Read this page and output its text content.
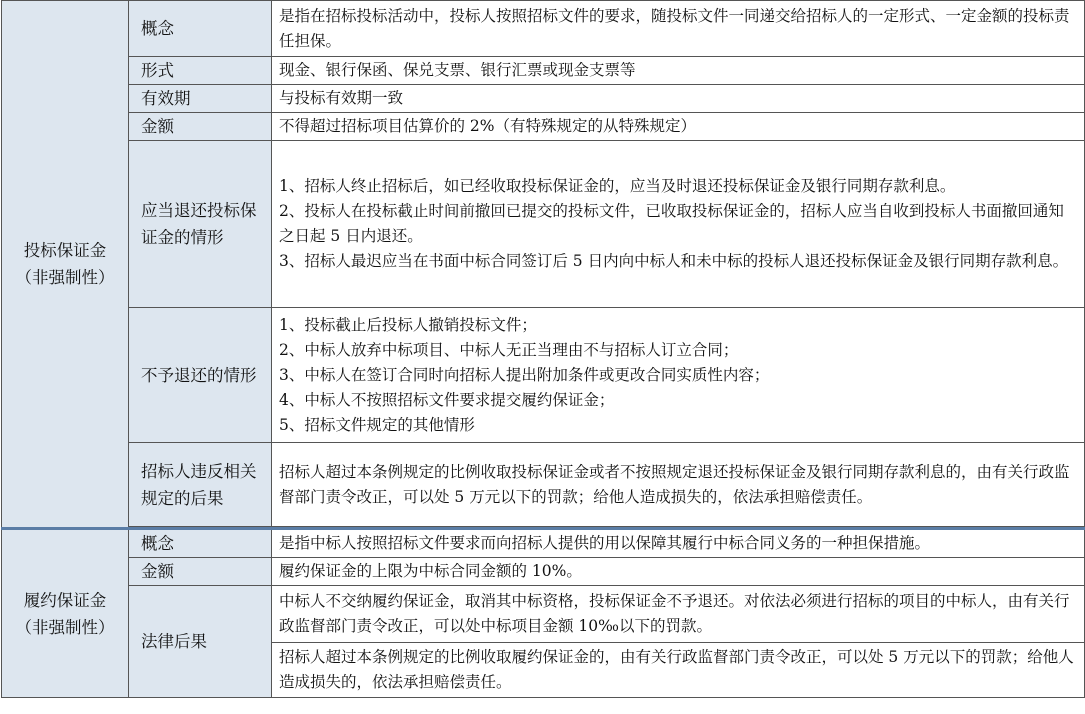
投标保证金
（非强制性）	概念	是指在招标投标活动中，投标人按照招标文件的要求，随投标文件一同递交给招标人的一定形式、一定金额的投标责任担保。
	形式	现金、银行保函、保兑支票、银行汇票或现金支票等
	有效期	与投标有效期一致
	金额	不得超过招标项目估算价的 2%（有特殊规定的从特殊规定）
	应当退还投标保证金的情形	1、招标人终止招标后，如已经收取投标保证金的，应当及时退还投标保证金及银行同期存款利息。
2、投标人在投标截止时间前撤回已提交的投标文件，已收取投标保证金的，招标人应当自收到投标人书面撤回通知之日起 5 日内退还。
3、招标人最迟应当在书面中标合同签订后 5 日内向中标人和未中标的投标人退还投标保证金及银行同期存款利息。

	不予退还的情形	1、投标截止后投标人撤销投标文件；
2、中标人放弃中标项目、中标人无正当理由不与招标人订立合同；
3、中标人在签订合同时向招标人提出附加条件或更改合同实质性内容；
4、中标人不按照招标文件要求提交履约保证金；
5、招标文件规定的其他情形

	招标人违反相关规定的后果	招标人超过本条例规定的比例收取投标保证金或者不按照规定退还投标保证金及银行同期存款利息的，由有关行政监督部门责令改正，可以处 5 万元以下的罚款；给他人造成损失的，依法承担赔偿责任。

履约保证金
（非强制性）	概念	是指中标人按照招标文件要求而向招标人提供的用以保障其履行中标合同义务的一种担保措施。
	金额	履约保证金的上限为中标合同金额的 10%。
	法律后果	中标人不交纳履约保证金，取消其中标资格，投标保证金不予退还。对依法必须进行招标的项目的中标人，由有关行政监督部门责令改正，可以处中标项目金额 10‰以下的罚款。
		招标人超过本条例规定的比例收取履约保证金的，由有关行政监督部门责令改正，可以处 5 万元以下的罚款；给他人造成损失的，依法承担赔偿责任。
